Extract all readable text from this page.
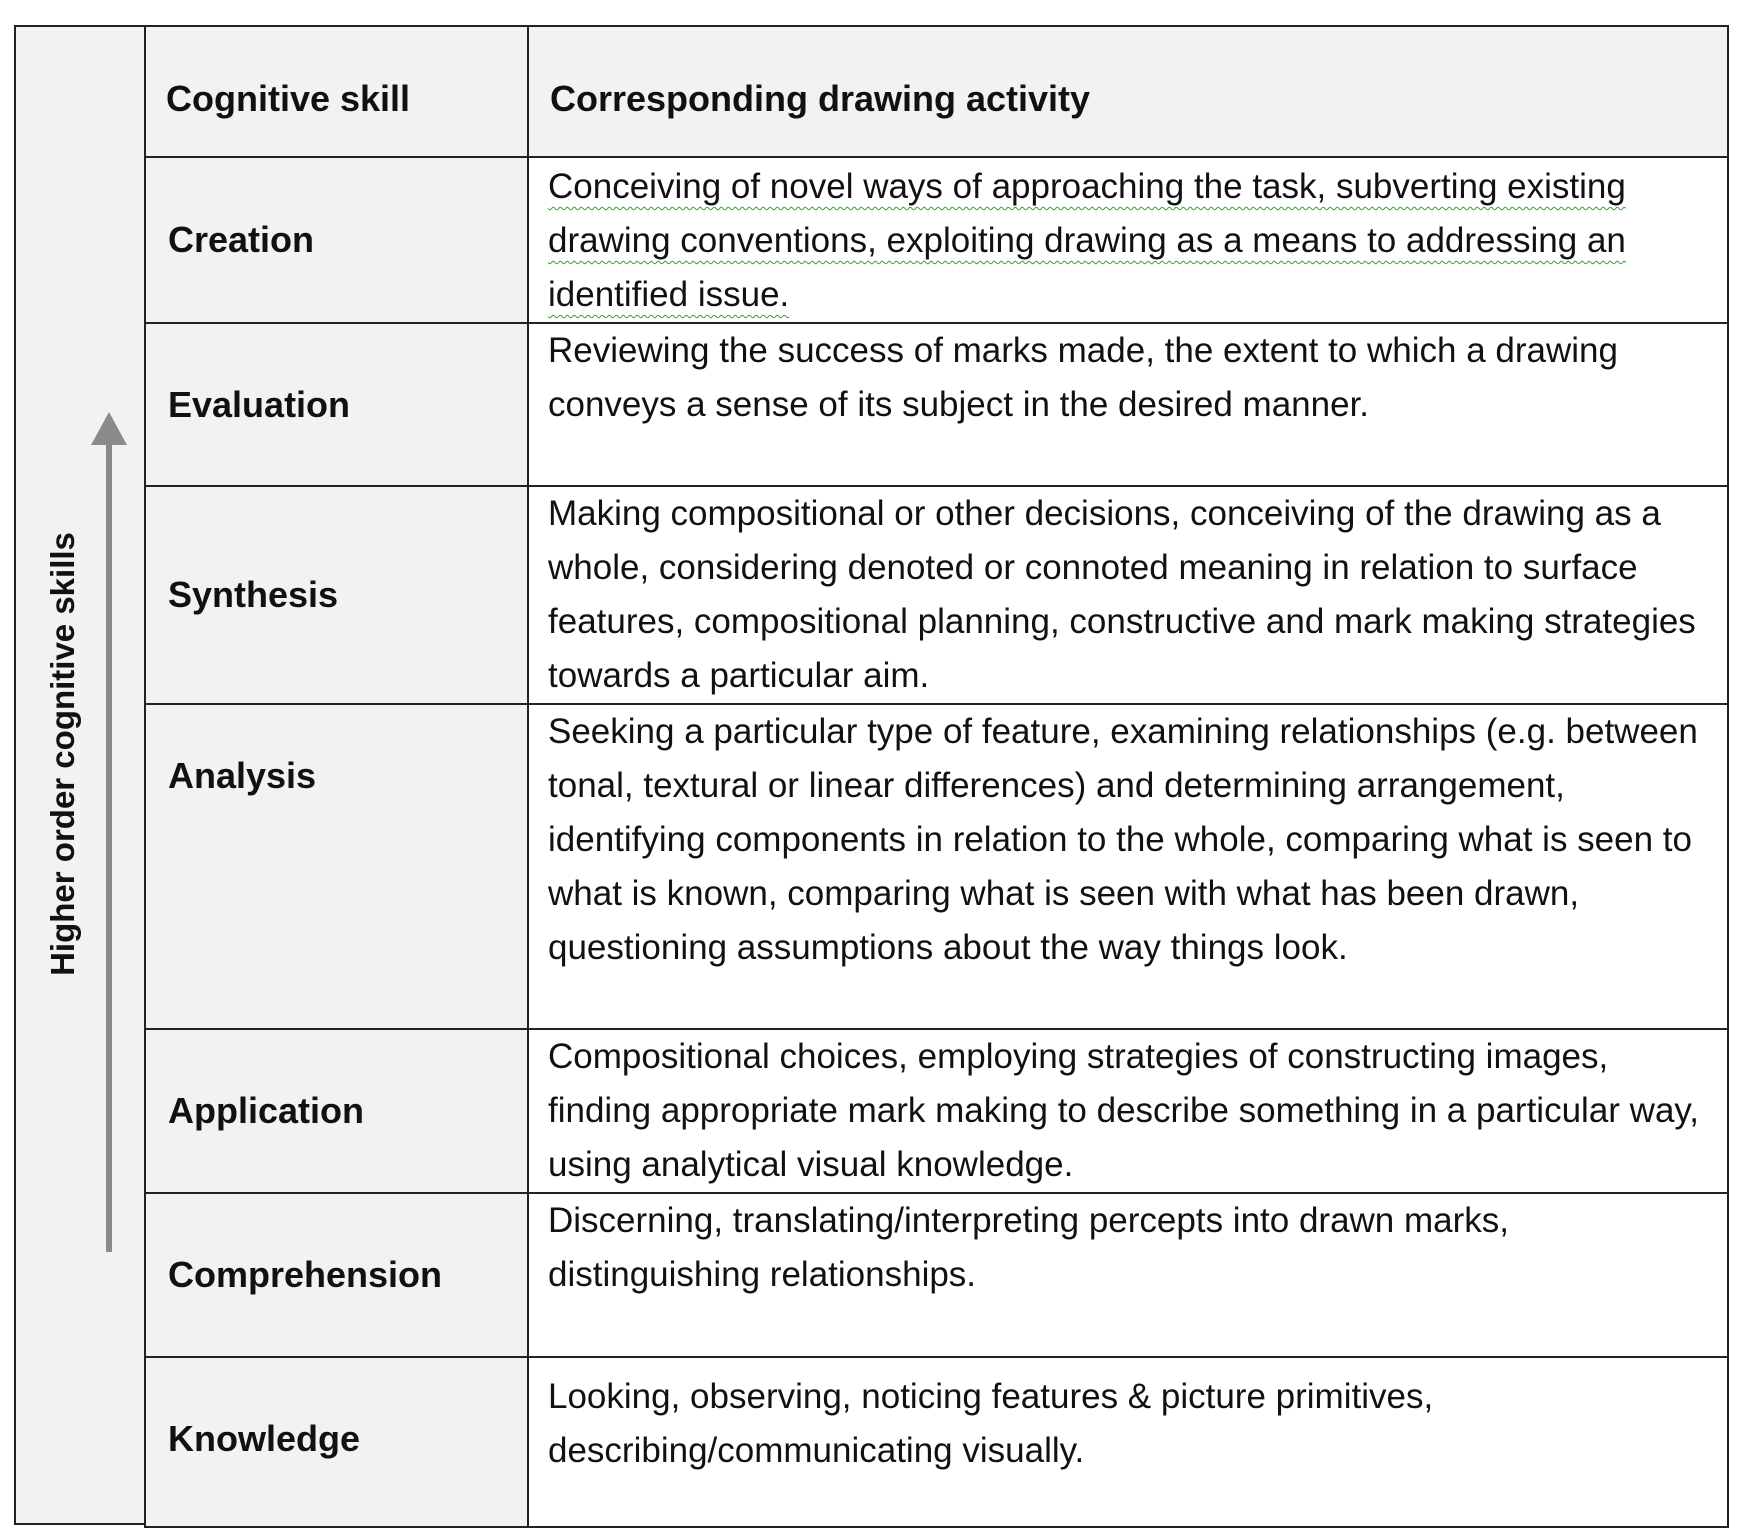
Higher order cognitive skills
Cognitive skill	Corresponding drawing activity
Creation	Conceiving of novel ways of approaching the task, subverting existing drawing conventions, exploiting drawing as a means to addressing an identified issue.
Evaluation	Reviewing the success of marks made, the extent to which a drawing conveys a sense of its subject in the desired manner.
Synthesis	Making compositional or other decisions, conceiving of the drawing as a whole, considering denoted or connoted meaning in relation to surface features, compositional planning, constructive and mark making strategies towards a particular aim.
Analysis	Seeking a particular type of feature, examining relationships (e.g. between tonal, textural or linear differences) and determining arrangement, identifying components in relation to the whole, comparing what is seen to what is known, comparing what is seen with what has been drawn, questioning assumptions about the way things look.
Application	Compositional choices, employing strategies of constructing images, finding appropriate mark making to describe something in a particular way, using analytical visual knowledge.
Comprehension	Discerning, translating/interpreting percepts into drawn marks, distinguishing relationships.
Knowledge	Looking, observing, noticing features & picture primitives, describing/communicating visually.
